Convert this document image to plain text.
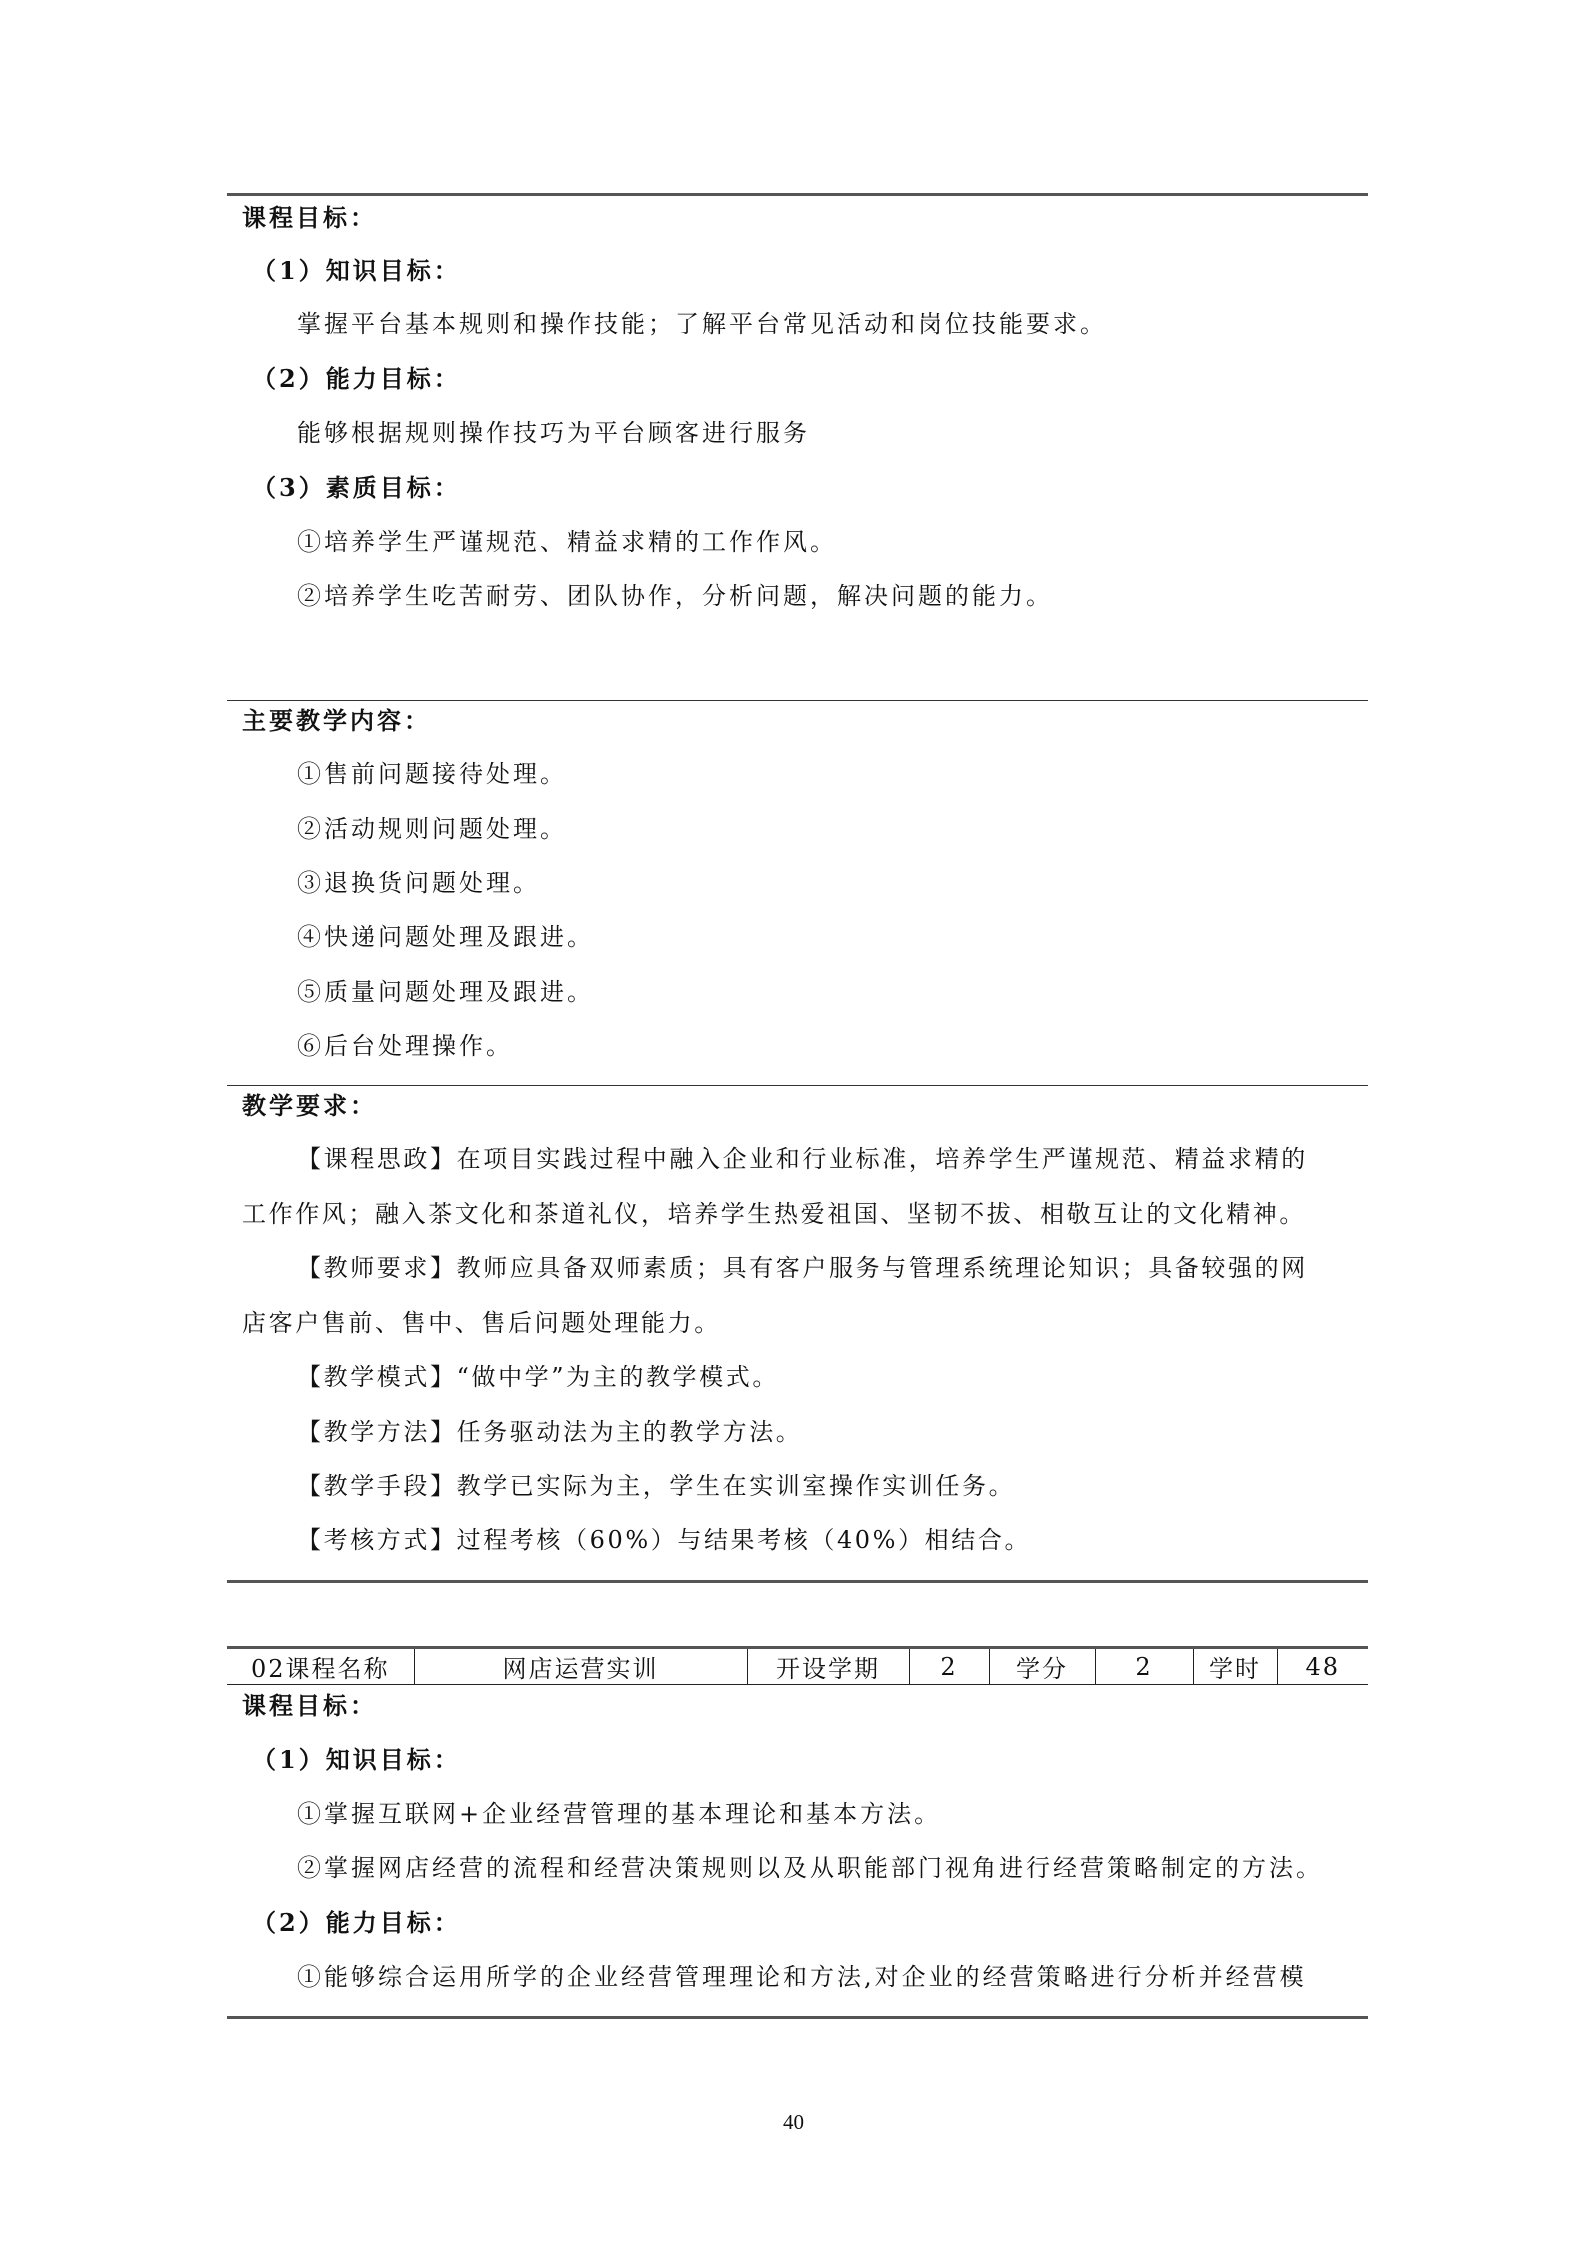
课程目标：
（1）知识目标：
掌握平台基本规则和操作技能；了解平台常见活动和岗位技能要求。
（2）能力目标：
能够根据规则操作技巧为平台顾客进行服务
（3）素质目标：
①培养学生严谨规范、精益求精的工作作风。
②培养学生吃苦耐劳、团队协作，分析问题，解决问题的能力。
主要教学内容：
①售前问题接待处理。
②活动规则问题处理。
③退换货问题处理。
④快递问题处理及跟进。
⑤质量问题处理及跟进。
⑥后台处理操作。
教学要求：
【课程思政】在项目实践过程中融入企业和行业标准，培养学生严谨规范、精益求精的
工作作风；融入茶文化和茶道礼仪，培养学生热爱祖国、坚韧不拔、相敬互让的文化精神。
【教师要求】教师应具备双师素质；具有客户服务与管理系统理论知识；具备较强的网
店客户售前、售中、售后问题处理能力。
【教学模式】“做中学”为主的教学模式。
【教学方法】任务驱动法为主的教学方法。
【教学手段】教学已实际为主，学生在实训室操作实训任务。
【考核方式】过程考核（60%）与结果考核（40%）相结合。
02课程名称	网店运营实训	开设学期	2	学分	2	学时	48
课程目标：
（1）知识目标：
①掌握互联网+企业经营管理的基本理论和基本方法。
②掌握网店经营的流程和经营决策规则以及从职能部门视角进行经营策略制定的方法。
（2）能力目标：
①能够综合运用所学的企业经营管理理论和方法,对企业的经营策略进行分析并经营模
40
